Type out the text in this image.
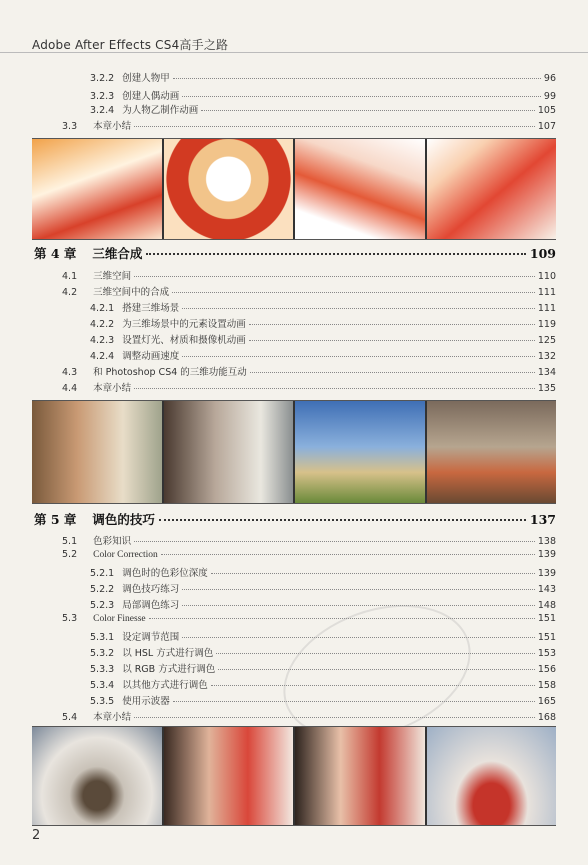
Adobe After Effects CS4高手之路
3.2.2 创建人物甲	96
3.2.3 创建人偶动画	99
3.2.4 为人物乙制作动画	105
3.3 本章小结	107
第 4 章 三维合成	109
4.1 三维空间	110
4.2 三维空间中的合成	111
4.2.1 搭建三维场景	111
4.2.2 为三维场景中的元素设置动画	119
4.2.3 设置灯光、材质和摄像机动画	125
4.2.4 调整动画速度	132
4.3 和 Photoshop CS4 的三维功能互动	134
4.4 本章小结	135
第 5 章 调色的技巧	137
5.1 色彩知识	138
5.2 Color Correction	139
5.2.1 调色时的色彩位深度	139
5.2.2 调色技巧练习	143
5.2.3 局部调色练习	148
5.3 Color Finesse	151
5.3.1 设定调节范围	151
5.3.2 以 HSL 方式进行调色	153
5.3.3 以 RGB 方式进行调色	156
5.3.4 以其他方式进行调色	158
5.3.5 使用示波器	165
5.4 本章小结	168
2
